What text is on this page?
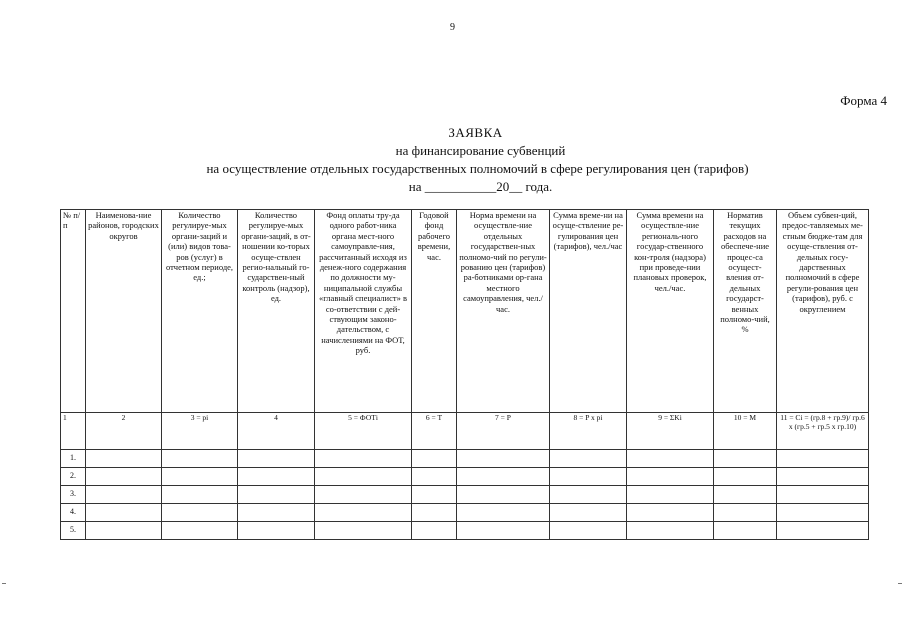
9
Форма 4
ЗАЯВКА
на финансирование субвенций
на осуществление отдельных государственных полномочий в сфере регулирования цен (тарифов)
на ___________20__ года.
№ п/ п	Наименова-ние районов, городских округов	Количество регулируе-мых органи-заций и (или) видов това-ров (услуг) в отчетном периоде, ед.;	Количество регулируе-мых органи-заций, в от-ношении ко-торых осуще-ствлен регио-нальный го-сударствен-ный контроль (надзор), ед.	Фонд оплаты тру-да одного работ-ника органа мест-ного самоуправле-ния, рассчитанный исходя из денеж-ного содержания по должности му-ниципальной службы «главный специалист» в со-ответствии с дей-ствующим законо-дательством, с начислениями на ФОТ, руб.	Годовой фонд рабочего времени, час.	Норма времени на осуществле-ние отдельных государствен-ных полномо-чий по регули-рованию цен (тарифов) ра-ботниками ор-гана местного самоуправления, чел./час.	Сумма време-ни на осуще-ствление ре-гулирования цен (тарифов), чел./час	Сумма времени на осуществле-ние региональ-ного государ-ственного кон-троля (надзора) при проведе-нии плановых проверок, чел./час.	Норматив текущих расходов на обеспече-ние процес-са осущест-вления от-дельных государст-венных полномо-чий, %	Объем субвен-ций, предос-тавляемых ме-стным бюдже-там для осуще-ствления от-дельных госу-дарственных полномочий в сфере регули-рования цен (тарифов), руб. с округлением
1	2	3 = pi	4	5 = ФОТi	6 = T	7 = P	8 = P x pi	9 = ΣKi	10 = M	11 = Ci = (гр.8 + гр.9)/ гр.6 x (гр.5 + гр.5 x гр.10)
1.										
2.										
3.										
4.										
5.										
